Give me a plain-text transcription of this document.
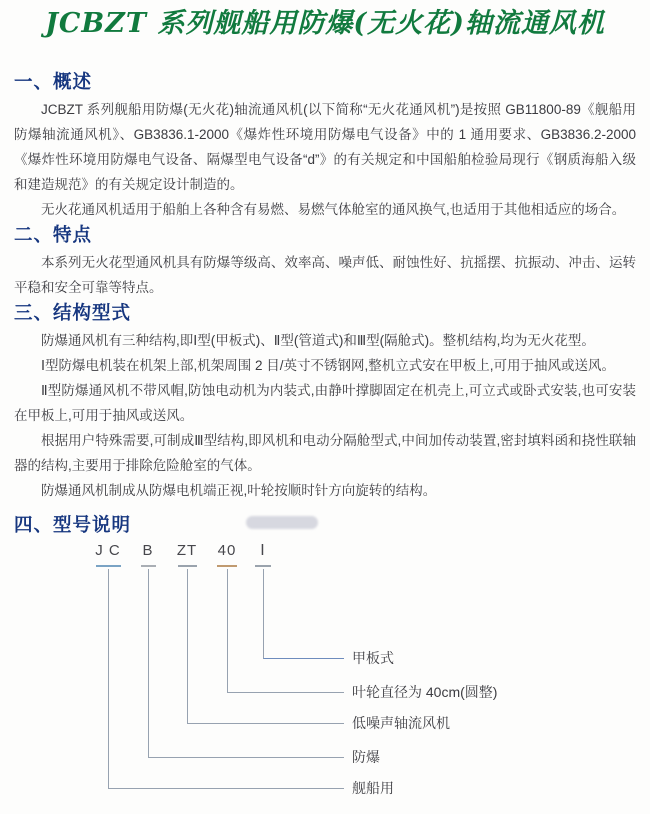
JCBZT 系列舰船用防爆(无火花)轴流通风机
一、概述

JCBZT 系列舰船用防爆(无火花)轴流通风机(以下简称“无火花通风机”)是按照 GB11800-89《舰船用防爆轴流通风机》、GB3836.1-2000《爆炸性环境用防爆电气设备》中的 1 通用要求、GB3836.2-2000《爆炸性环境用防爆电气设备、隔爆型电气设备“d”》的有关规定和中国船舶检验局现行《钢质海船入级和建造规范》的有关规定设计制造的。

无火花通风机适用于船舶上各种含有易燃、易燃气体舱室的通风换气,也适用于其他相适应的场合。

二、特点

本系列无火花型通风机具有防爆等级高、效率高、噪声低、耐蚀性好、抗摇摆、抗振动、冲击、运转平稳和安全可靠等特点。

三、结构型式

防爆通风机有三种结构,即Ⅰ型(甲板式)、Ⅱ型(管道式)和Ⅲ型(隔舱式)。整机结构,均为无火花型。

Ⅰ型防爆电机装在机架上部,机架周围 2 目/英寸不锈钢网,整机立式安在甲板上,可用于抽风或送风。

Ⅱ型防爆通风机不带风帽,防蚀电动机为内装式,由静叶撑脚固定在机壳上,可立式或卧式安装,也可安装在甲板上,可用于抽风或送风。

根据用户特殊需要,可制成Ⅲ型结构,即风机和电动分隔舱型式,中间加传动装置,密封填料函和挠性联轴器的结构,主要用于排除危险舱室的气体。

防爆通风机制成从防爆电机端正视,叶轮按顺时针方向旋转的结构。

四、型号说明
J C B ZT 40 Ⅰ
甲板式
叶轮直径为 40cm(圆整)
低噪声轴流风机
防爆
舰船用
